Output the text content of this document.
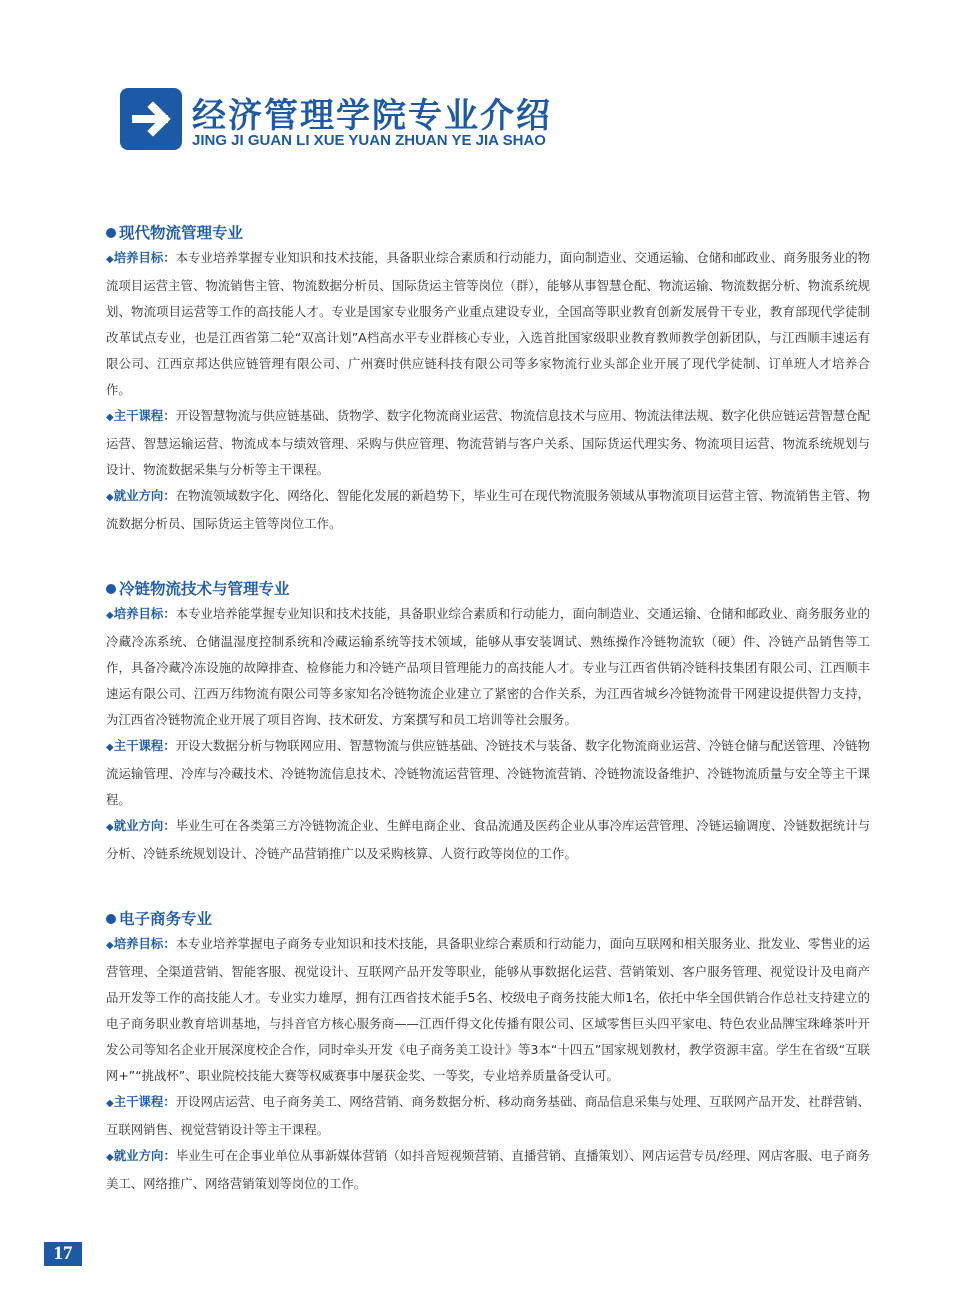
经济管理学院专业介绍
JING JI GUAN LI XUE YUAN ZHUAN YE JIA SHAO
现代物流管理专业

◆培养目标：本专业培养掌握专业知识和技术技能，具备职业综合素质和行动能力，面向制造业、交通运输、仓储和邮政业、商务服务业的物流项目运营主管、物流销售主管、物流数据分析员、国际货运主管等岗位（群），能够从事智慧仓配、物流运输、物流数据分析、物流系统规划、物流项目运营等工作的高技能人才。专业是国家专业服务产业重点建设专业，全国高等职业教育创新发展骨干专业，教育部现代学徒制改革试点专业，也是江西省第二轮“双高计划”A档高水平专业群核心专业，入选首批国家级职业教育教师教学创新团队，与江西顺丰速运有限公司、江西京邦达供应链管理有限公司、广州赛时供应链科技有限公司等多家物流行业头部企业开展了现代学徒制、订单班人才培养合作。

◆主干课程：开设智慧物流与供应链基础、货物学、数字化物流商业运营、物流信息技术与应用、物流法律法规、数字化供应链运营智慧仓配运营、智慧运输运营、物流成本与绩效管理、采购与供应管理、物流营销与客户关系、国际货运代理实务、物流项目运营、物流系统规划与设计、物流数据采集与分析等主干课程。

◆就业方向：在物流领域数字化、网络化、智能化发展的新趋势下，毕业生可在现代物流服务领域从事物流项目运营主管、物流销售主管、物流数据分析员、国际货运主管等岗位工作。

冷链物流技术与管理专业

◆培养目标：本专业培养能掌握专业知识和技术技能，具备职业综合素质和行动能力，面向制造业、交通运输、仓储和邮政业、商务服务业的冷藏冷冻系统、仓储温湿度控制系统和冷藏运输系统等技术领域，能够从事安装调试、熟练操作冷链物流软（硬）件、冷链产品销售等工作，具备冷藏冷冻设施的故障排查、检修能力和冷链产品项目管理能力的高技能人才。专业与江西省供销冷链科技集团有限公司、江西顺丰速运有限公司、江西万纬物流有限公司等多家知名冷链物流企业建立了紧密的合作关系，为江西省城乡冷链物流骨干网建设提供智力支持，为江西省冷链物流企业开展了项目咨询、技术研发、方案撰写和员工培训等社会服务。

◆主干课程：开设大数据分析与物联网应用、智慧物流与供应链基础、冷链技术与装备、数字化物流商业运营、冷链仓储与配送管理、冷链物流运输管理、冷库与冷藏技术、冷链物流信息技术、冷链物流运营管理、冷链物流营销、冷链物流设备维护、冷链物流质量与安全等主干课程。

◆就业方向：毕业生可在各类第三方冷链物流企业、生鲜电商企业、食品流通及医药企业从事冷库运营管理、冷链运输调度、冷链数据统计与分析、冷链系统规划设计、冷链产品营销推广以及采购核算、人资行政等岗位的工作。

电子商务专业

◆培养目标：本专业培养掌握电子商务专业知识和技术技能，具备职业综合素质和行动能力，面向互联网和相关服务业、批发业、零售业的运营管理、全渠道营销、智能客服、视觉设计、互联网产品开发等职业，能够从事数据化运营、营销策划、客户服务管理、视觉设计及电商产品开发等工作的高技能人才。专业实力雄厚，拥有江西省技术能手5名、校级电子商务技能大师1名，依托中华全国供销合作总社支持建立的电子商务职业教育培训基地，与抖音官方核心服务商——江西仟得文化传播有限公司、区域零售巨头四平家电、特色农业品牌宝珠峰茶叶开发公司等知名企业开展深度校企合作，同时牵头开发《电子商务美工设计》等3本“十四五”国家规划教材，教学资源丰富。学生在省级“互联网+”“挑战杯”、职业院校技能大赛等权威赛事中屡获金奖、一等奖，专业培养质量备受认可。

◆主干课程：开设网店运营、电子商务美工、网络营销、商务数据分析、移动商务基础、商品信息采集与处理、互联网产品开发、社群营销、互联网销售、视觉营销设计等主干课程。

◆就业方向：毕业生可在企事业单位从事新媒体营销（如抖音短视频营销、直播营销、直播策划）、网店运营专员/经理、网店客服、电子商务美工、网络推广、网络营销策划等岗位的工作。

17
